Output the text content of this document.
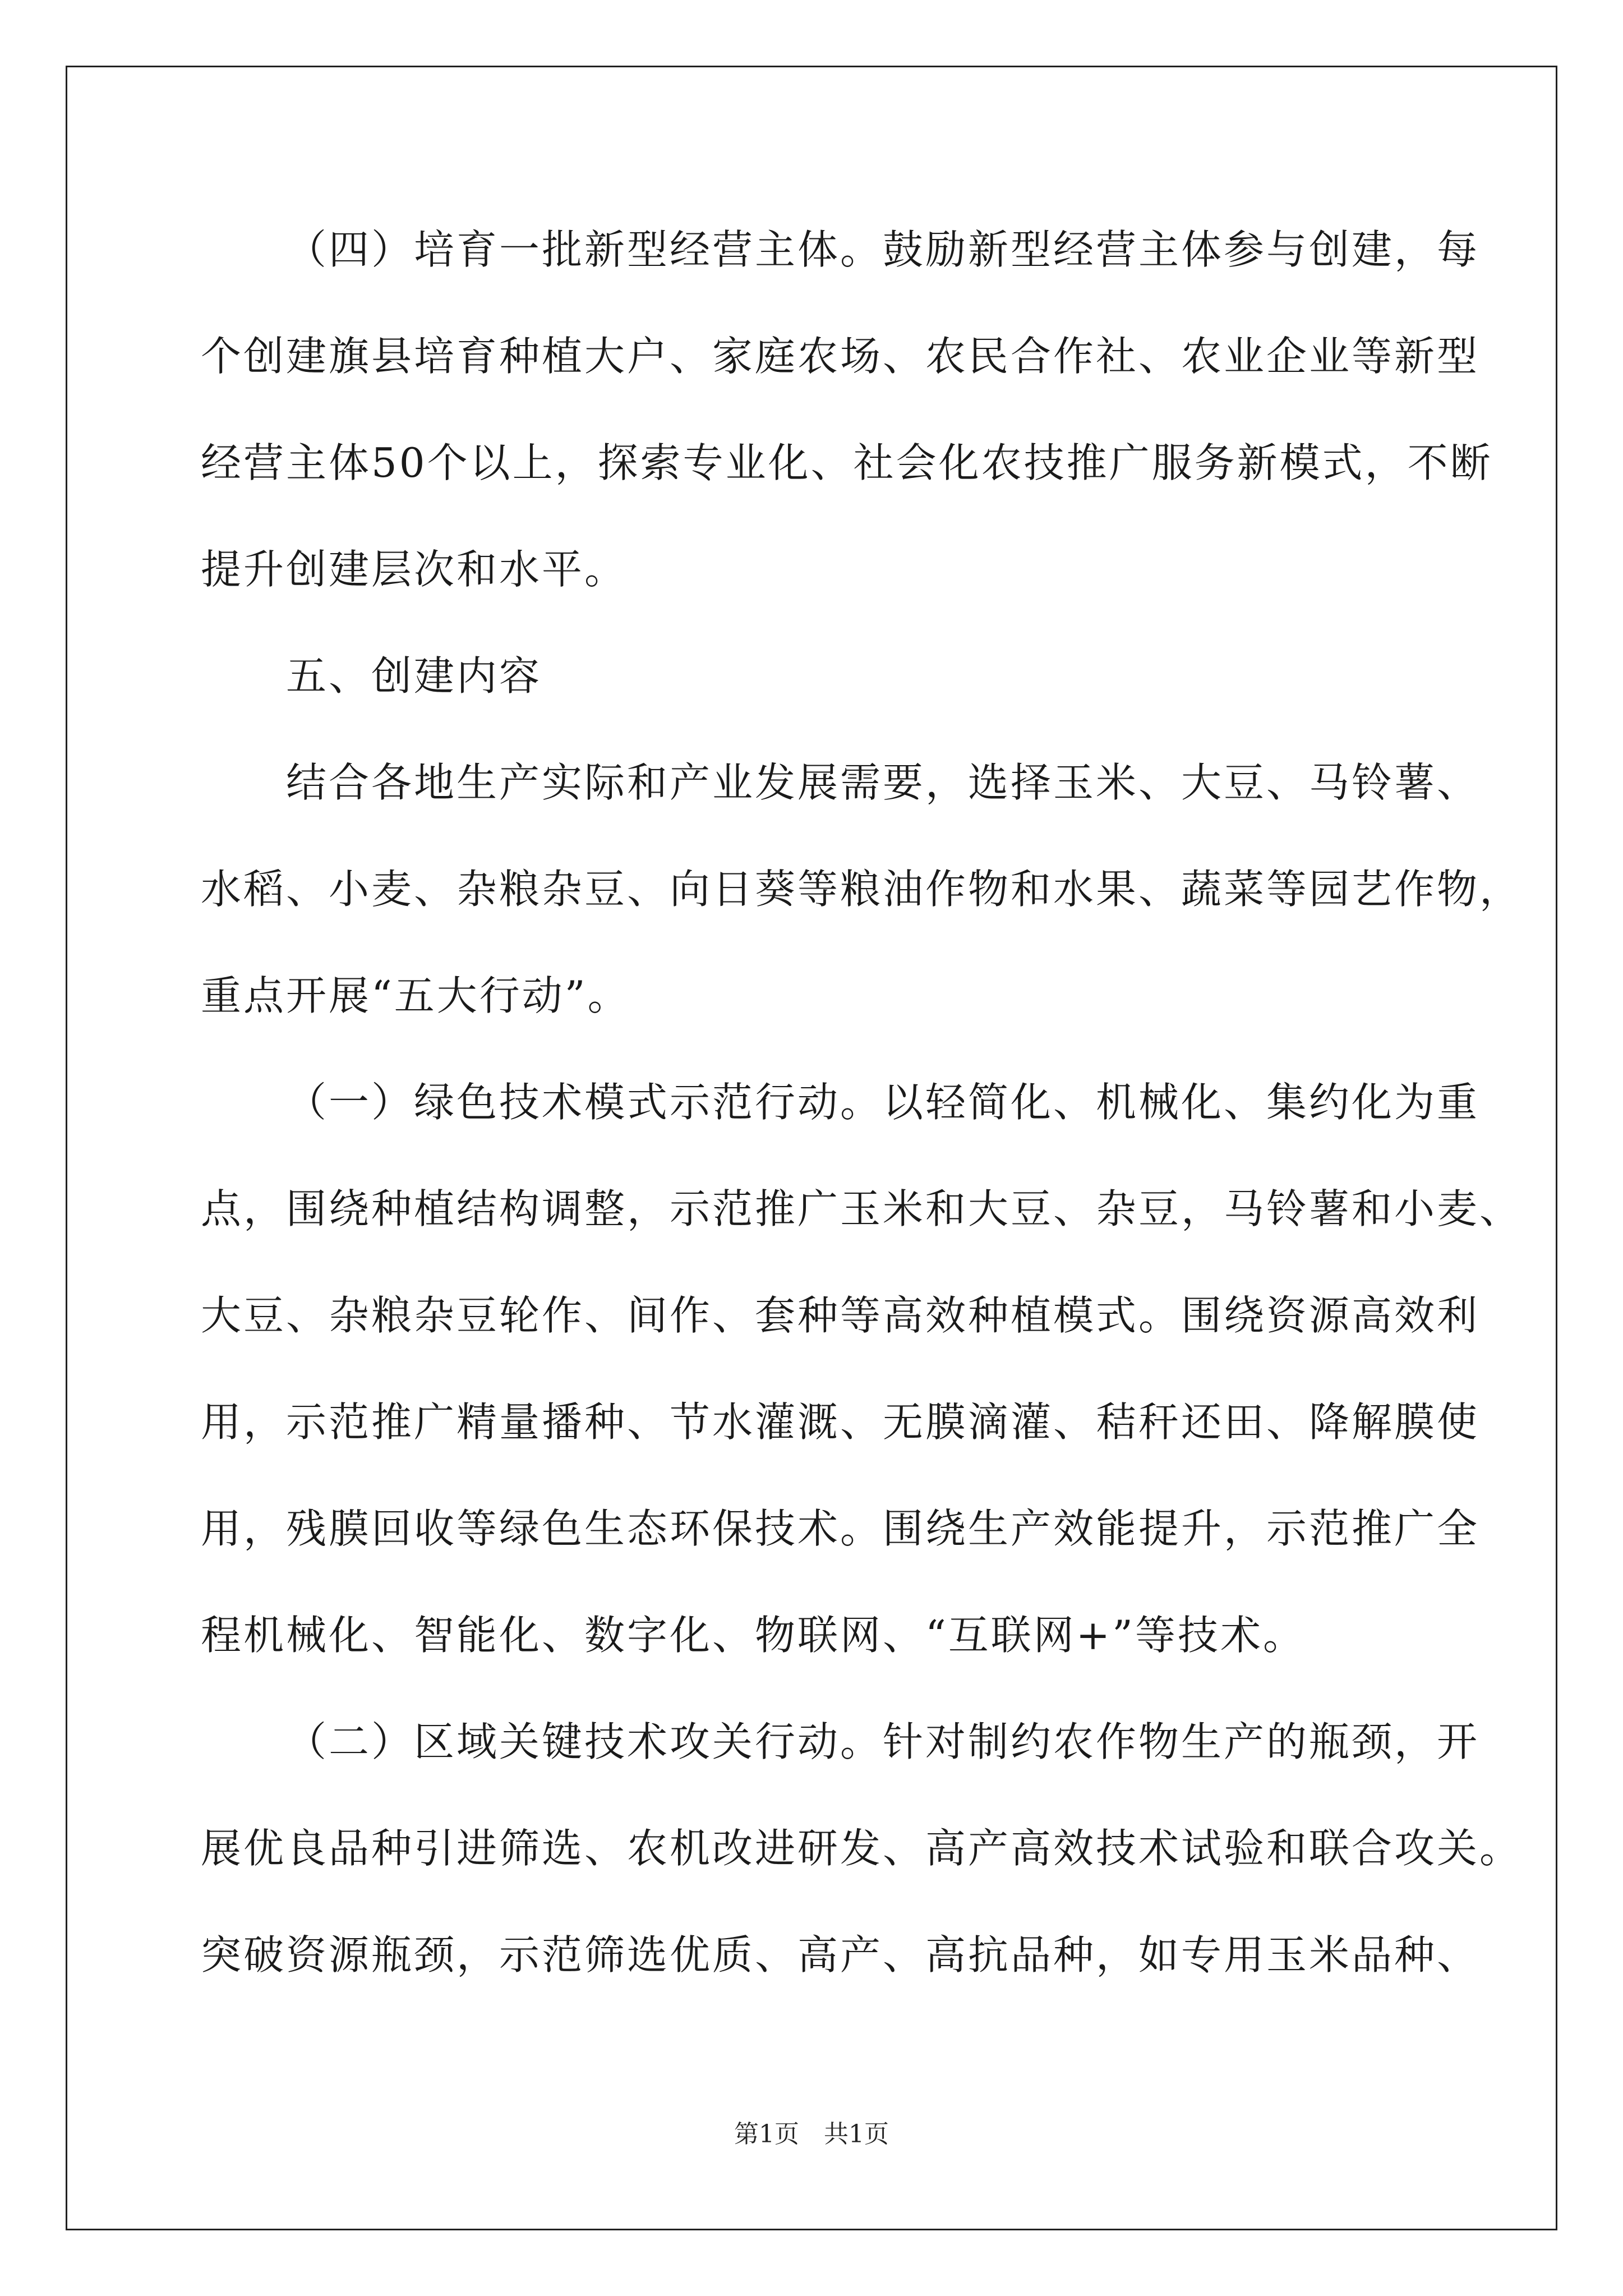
（四）培育一批新型经营主体。鼓励新型经营主体参与创建，每
个创建旗县培育种植大户、家庭农场、农民合作社、农业企业等新型
经营主体50个以上，探索专业化、社会化农技推广服务新模式，不断
提升创建层次和水平。
五、创建内容
结合各地生产实际和产业发展需要，选择玉米、大豆、马铃薯、
水稻、小麦、杂粮杂豆、向日葵等粮油作物和水果、蔬菜等园艺作物，
重点开展“五大行动”。
（一）绿色技术模式示范行动。以轻简化、机械化、集约化为重
点，围绕种植结构调整，示范推广玉米和大豆、杂豆，马铃薯和小麦、
大豆、杂粮杂豆轮作、间作、套种等高效种植模式。围绕资源高效利
用，示范推广精量播种、节水灌溉、无膜滴灌、秸秆还田、降解膜使
用，残膜回收等绿色生态环保技术。围绕生产效能提升，示范推广全
程机械化、智能化、数字化、物联网、“互联网+”等技术。
（二）区域关键技术攻关行动。针对制约农作物生产的瓶颈，开
展优良品种引进筛选、农机改进研发、高产高效技术试验和联合攻关。
突破资源瓶颈，示范筛选优质、高产、高抗品种，如专用玉米品种、
第1页　共1页
